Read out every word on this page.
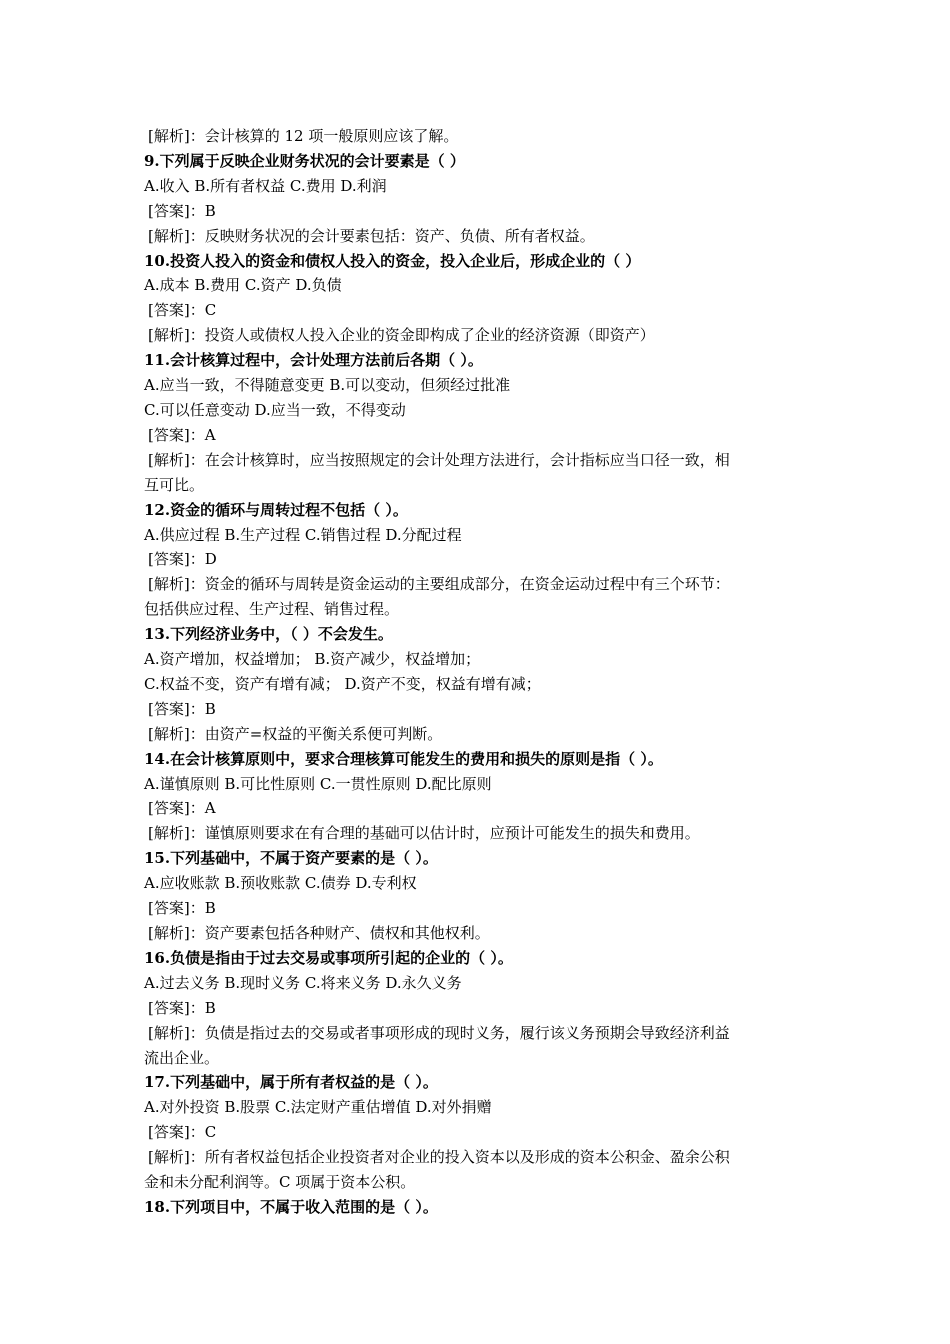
[解析]：会计核算的 12 项一般原则应该了解。

9.下列属于反映企业财务状况的会计要素是（ ）

A.收入 B.所有者权益 C.费用 D.利润

[答案]：B

[解析]：反映财务状况的会计要素包括：资产、负债、所有者权益。

10.投资人投入的资金和债权人投入的资金，投入企业后，形成企业的（ ）

A.成本 B.费用 C.资产 D.负债

[答案]：C

[解析]：投资人或债权人投入企业的资金即构成了企业的经济资源（即资产）

11.会计核算过程中，会计处理方法前后各期（ ）。

A.应当一致，不得随意变更 B.可以变动，但须经过批准

C.可以任意变动 D.应当一致，不得变动

[答案]：A

[解析]：在会计核算时，应当按照规定的会计处理方法进行，会计指标应当口径一致，相

互可比。

12.资金的循环与周转过程不包括（ ）。

A.供应过程 B.生产过程 C.销售过程 D.分配过程

[答案]：D

[解析]：资金的循环与周转是资金运动的主要组成部分，在资金运动过程中有三个环节：

包括供应过程、生产过程、销售过程。

13.下列经济业务中，（ ）不会发生。

A.资产增加，权益增加； B.资产减少，权益增加；

C.权益不变，资产有增有减； D.资产不变，权益有增有减；

[答案]：B

[解析]：由资产=权益的平衡关系便可判断。

14.在会计核算原则中，要求合理核算可能发生的费用和损失的原则是指（ ）。

A.谨慎原则 B.可比性原则 C.一贯性原则 D.配比原则

[答案]：A

[解析]：谨慎原则要求在有合理的基础可以估计时，应预计可能发生的损失和费用。

15.下列基础中，不属于资产要素的是（ ）。

A.应收账款 B.预收账款 C.债券 D.专利权

[答案]：B

[解析]：资产要素包括各种财产、债权和其他权利。

16.负债是指由于过去交易或事项所引起的企业的（ ）。

A.过去义务 B.现时义务 C.将来义务 D.永久义务

[答案]：B

[解析]：负债是指过去的交易或者事项形成的现时义务，履行该义务预期会导致经济利益

流出企业。

17.下列基础中，属于所有者权益的是（ ）。

A.对外投资 B.股票 C.法定财产重估增值 D.对外捐赠

[答案]：C

[解析]：所有者权益包括企业投资者对企业的投入资本以及形成的资本公积金、盈余公积

金和未分配利润等。C 项属于资本公积。

18.下列项目中，不属于收入范围的是（ ）。
